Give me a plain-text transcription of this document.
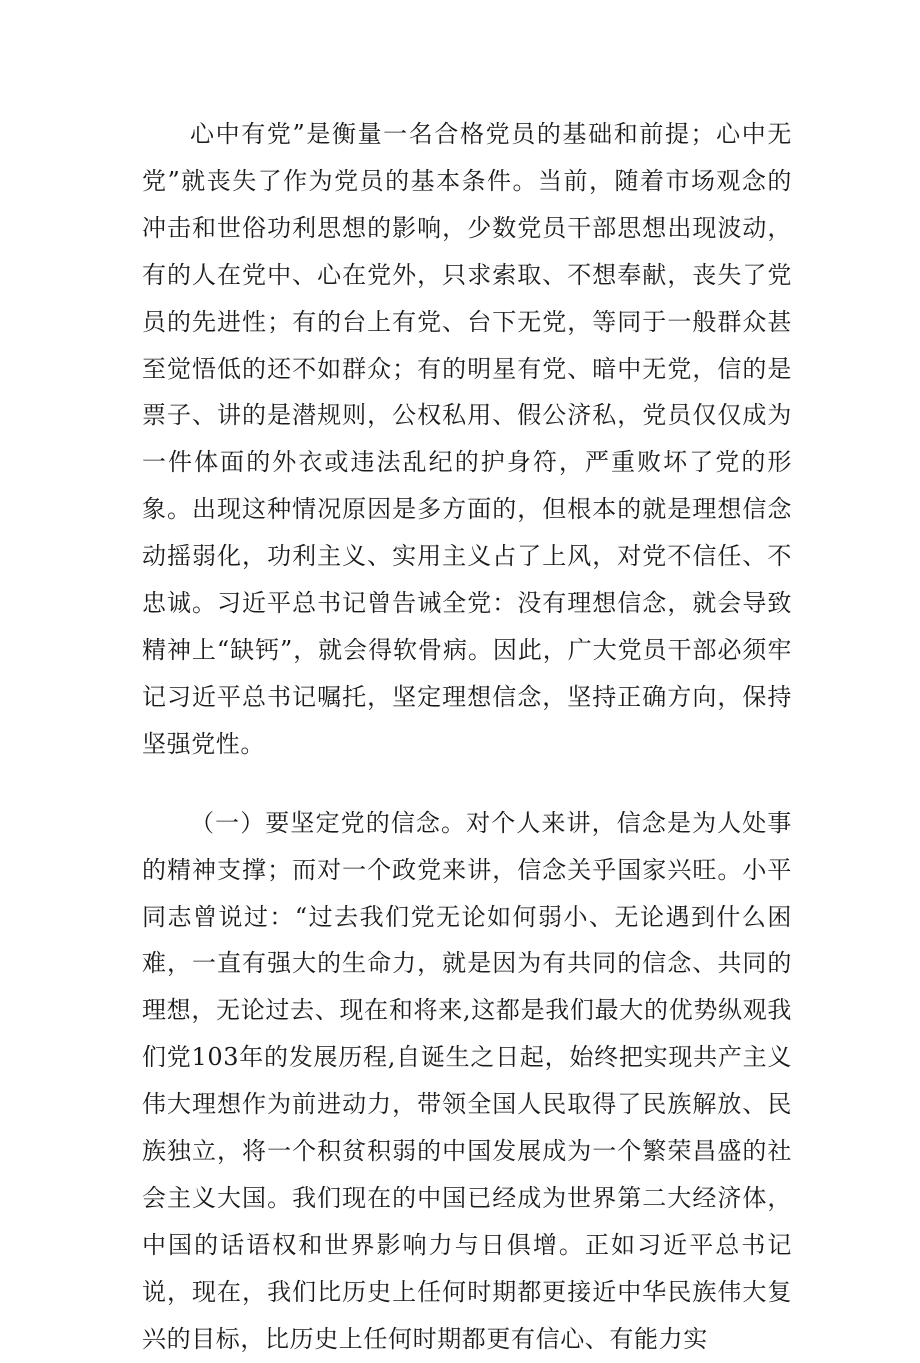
心中有党”是衡量一名合格党员的基础和前提；心中无党”就丧失了作为党员的基本条件。当前，随着市场观念的冲击和世俗功利思想的影响，少数党员干部思想出现波动，有的人在党中、心在党外，只求索取、不想奉献，丧失了党员的先进性；有的台上有党、台下无党，等同于一般群众甚至觉悟低的还不如群众；有的明星有党、暗中无党，信的是票子、讲的是潜规则，公权私用、假公济私，党员仅仅成为一件体面的外衣或违法乱纪的护身符，严重败坏了党的形象。出现这种情况原因是多方面的，但根本的就是理想信念动摇弱化，功利主义、实用主义占了上风，对党不信任、不忠诚。习近平总书记曾告诫全党：没有理想信念，就会导致精神上“缺钙”，就会得软骨病。因此，广大党员干部必须牢记习近平总书记嘱托，坚定理想信念，坚持正确方向，保持坚强党性。

（一）要坚定党的信念。对个人来讲，信念是为人处事的精神支撑；而对一个政党来讲，信念关乎国家兴旺。小平同志曾说过：“过去我们党无论如何弱小、无论遇到什么困难，一直有强大的生命力，就是因为有共同的信念、共同的理想，无论过去、现在和将来,这都是我们最大的优势纵观我们党103年的发展历程,自诞生之日起，始终把实现共产主义伟大理想作为前进动力，带领全国人民取得了民族解放、民族独立，将一个积贫积弱的中国发展成为一个繁荣昌盛的社会主义大国。我们现在的中国已经成为世界第二大经济体，中国的话语权和世界影响力与日俱增。正如习近平总书记说，现在，我们比历史上任何时期都更接近中华民族伟大复兴的目标，比历史上任何时期都更有信心、有能力实
